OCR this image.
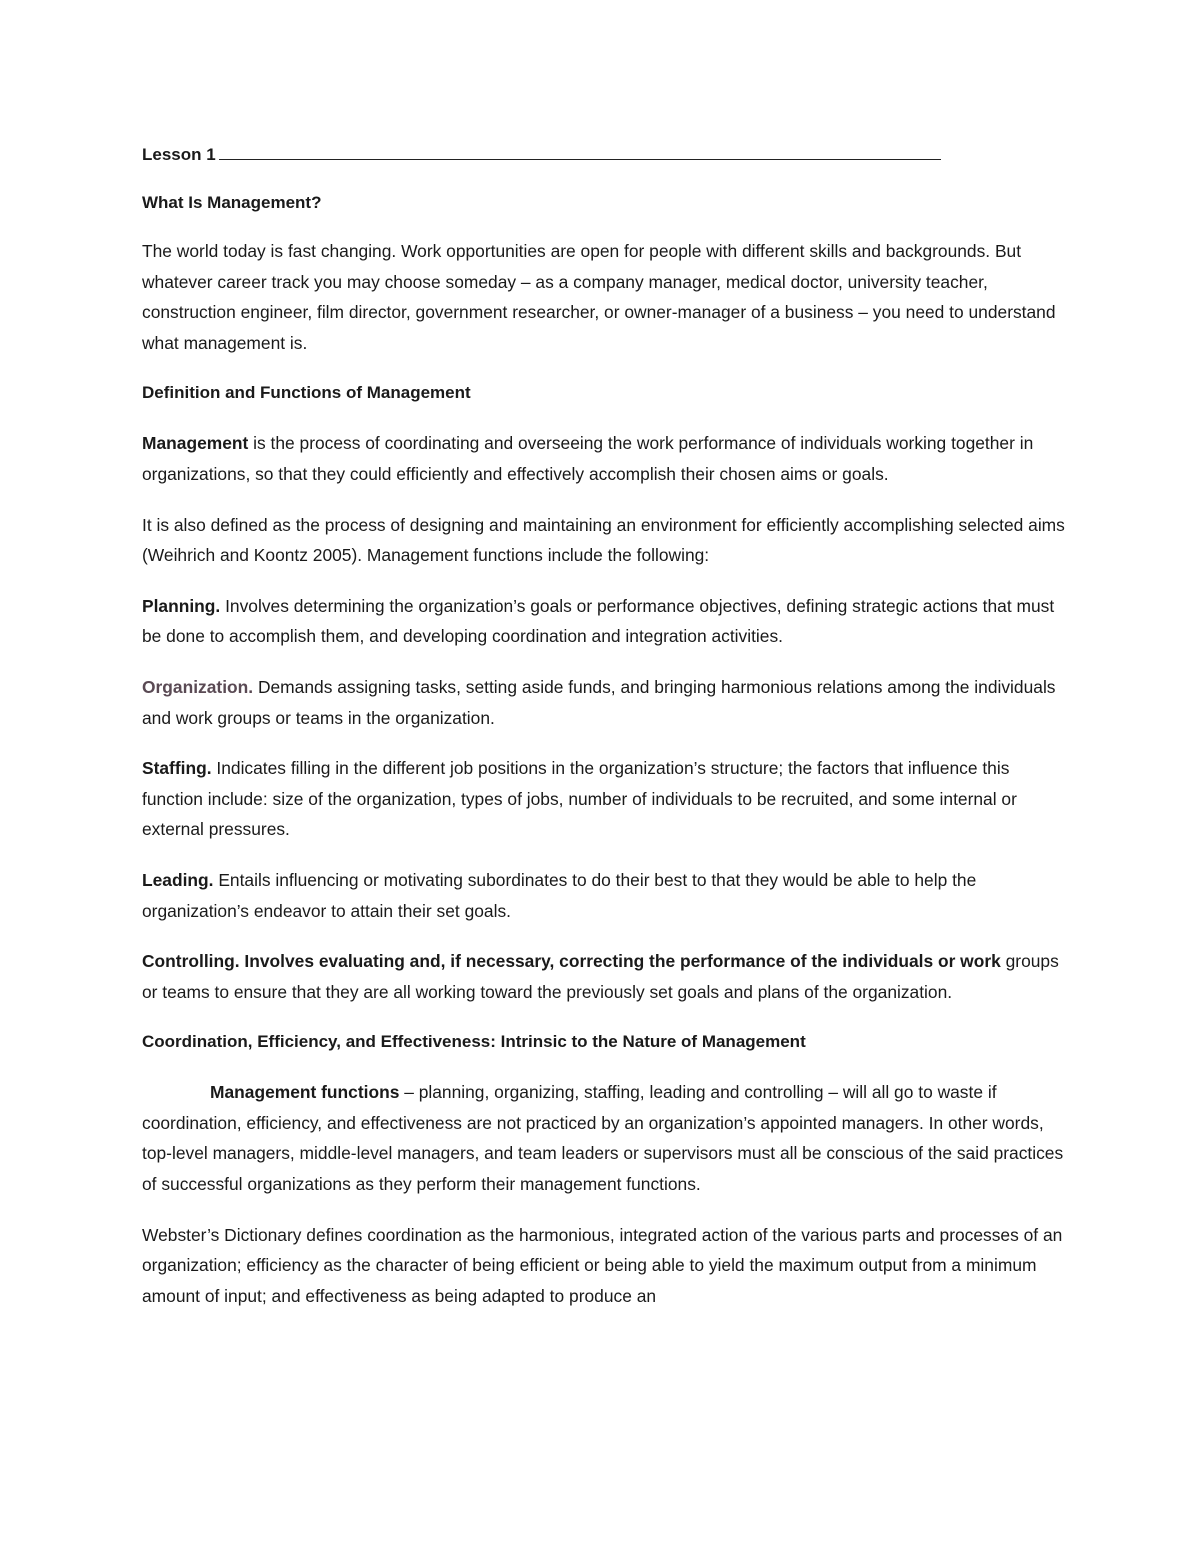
Lesson 1
What Is Management?

The world today is fast changing. Work opportunities are open for people with different skills and backgrounds. But whatever career track you may choose someday – as a company manager, medical doctor, university teacher, construction engineer, film director, government researcher, or owner-manager of a business – you need to understand what management is.

Definition and Functions of Management

Management is the process of coordinating and overseeing the work performance of individuals working together in organizations, so that they could efficiently and effectively accomplish their chosen aims or goals.

It is also defined as the process of designing and maintaining an environment for efficiently accomplishing selected aims (Weihrich and Koontz 2005). Management functions include the following:

Planning. Involves determining the organization’s goals or performance objectives, defining strategic actions that must be done to accomplish them, and developing coordination and integration activities.

Organization. Demands assigning tasks, setting aside funds, and bringing harmonious relations among the individuals and work groups or teams in the organization.

Staffing. Indicates filling in the different job positions in the organization’s structure; the factors that influence this function include: size of the organization, types of jobs, number of individuals to be recruited, and some internal or external pressures.

Leading. Entails influencing or motivating subordinates to do their best to that they would be able to help the organization’s endeavor to attain their set goals.

Controlling. Involves evaluating and, if necessary, correcting the performance of the individuals or work groups or teams to ensure that they are all working toward the previously set goals and plans of the organization.

Coordination, Efficiency, and Effectiveness: Intrinsic to the Nature of Management

Management functions – planning, organizing, staffing, leading and controlling – will all go to waste if coordination, efficiency, and effectiveness are not practiced by an organization’s appointed managers. In other words, top-level managers, middle-level managers, and team leaders or supervisors must all be conscious of the said practices of successful organizations as they perform their management functions.

Webster’s Dictionary defines coordination as the harmonious, integrated action of the various parts and processes of an organization; efficiency as the character of being efficient or being able to yield the maximum output from a minimum amount of input; and effectiveness as being adapted to produce an
